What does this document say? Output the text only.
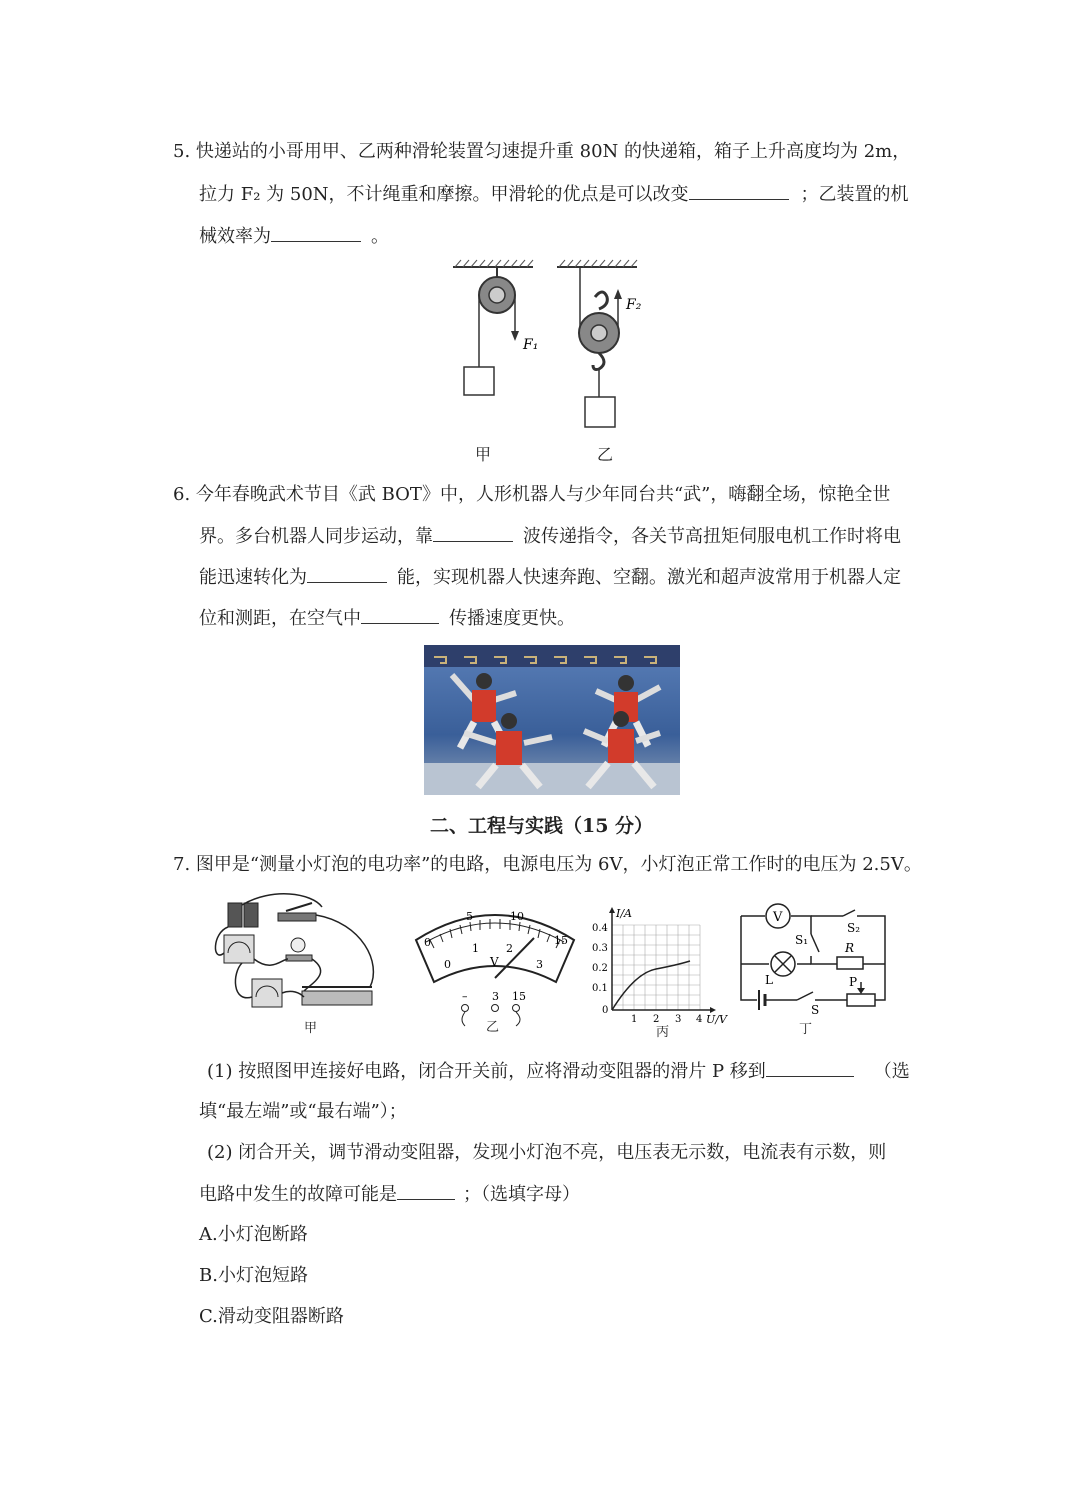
5. 快递站的小哥用甲、乙两种滑轮装置匀速提升重 80N 的快递箱，箱子上升高度均为 2m，
拉力 F₂ 为 50N，不计绳重和摩擦。甲滑轮的优点是可以改变	；乙装置的机
械效率为	。
F₁
F₂
甲	乙
6. 今年春晚武术节目《武 BOT》中，人形机器人与少年同台共“武”，嗨翻全场，惊艳全世
界。多台机器人同步运动，靠	波传递指令，各关节高扭矩伺服电机工作时将电
能迅速转化为	能，实现机器人快速奔跑、空翻。激光和超声波常用于机器人定
位和测距，在空气中	传播速度更快。
二、工程与实践（15 分）
7. 图甲是“测量小灯泡的电功率”的电路，电源电压为 6V，小灯泡正常工作时的电压为 2.5V。
甲
0
5	10
15
0
1 2
3
V
– 3 15
乙
I/A
U/V
0.4
0.3
0.2
0.1
0
1 2 3 4
丙
V
S₁
S₂
R
L	P
S
丁
(1) 按照图甲连接好电路，闭合开关前，应将滑动变阻器的滑片 P 移到	（选
填“最左端”或“最右端”）；
(2) 闭合开关，调节滑动变阻器，发现小灯泡不亮，电压表无示数，电流表有示数，则
电路中发生的故障可能是	；（选填字母）
A.小灯泡断路
B.小灯泡短路
C.滑动变阻器断路
